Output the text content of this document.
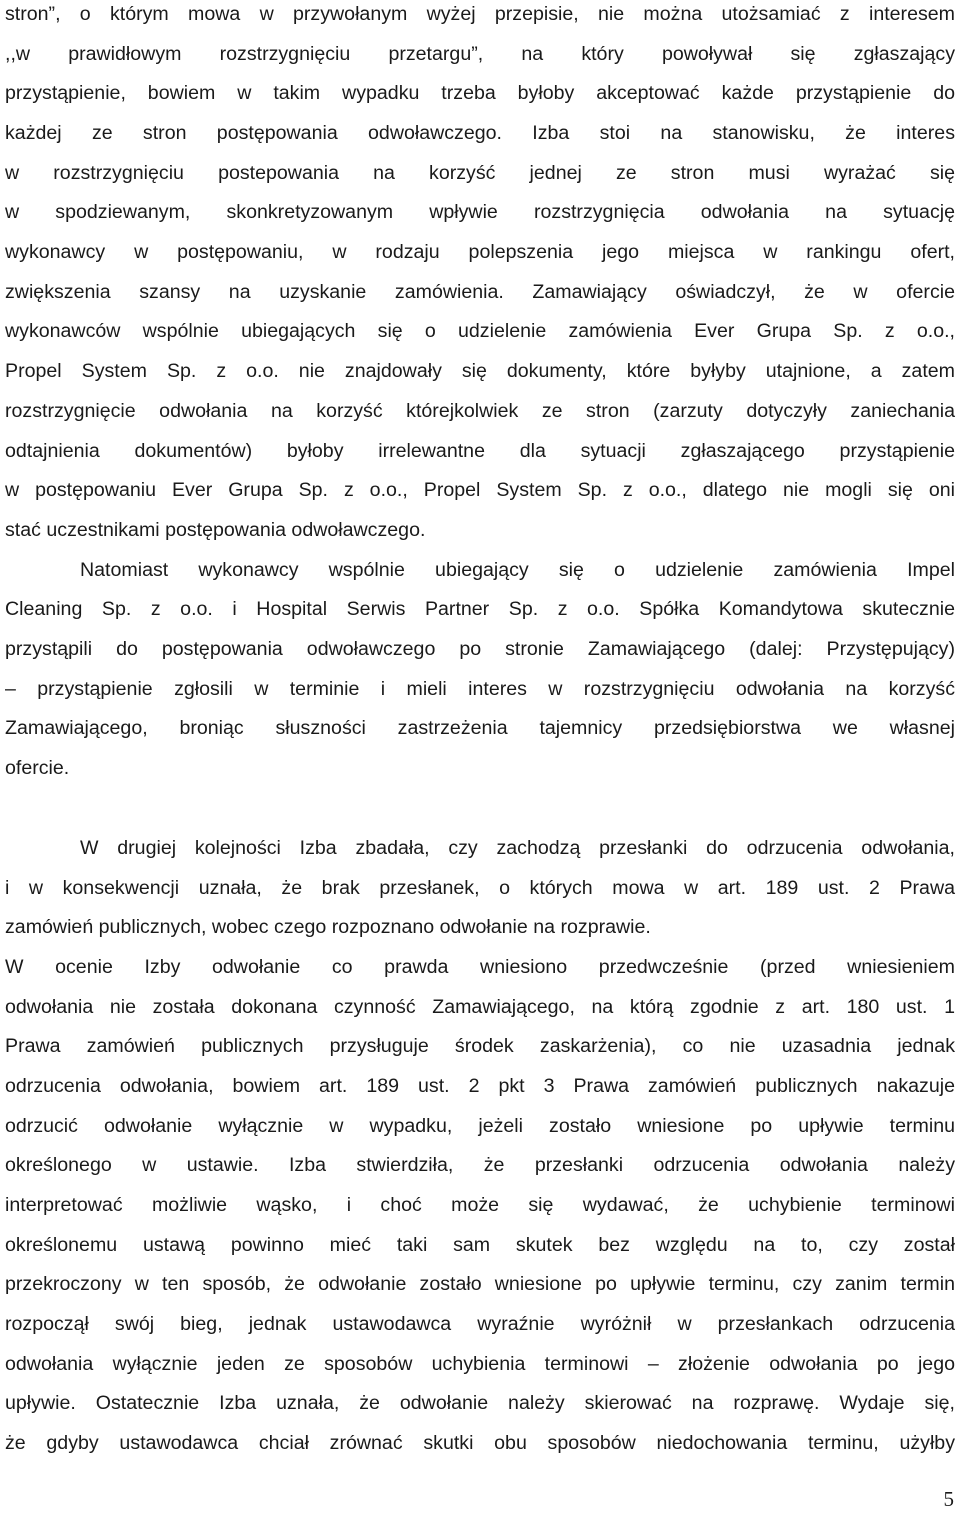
stron”, o którym mowa w przywołanym wyżej przepisie, nie można utożsamiać z interesem
,,w prawidłowym rozstrzygnięciu przetargu”, na który powoływał się zgłaszający
przystąpienie, bowiem w takim wypadku trzeba byłoby akceptować każde przystąpienie do
każdej ze stron postępowania odwoławczego. Izba stoi na stanowisku, że interes
w rozstrzygnięciu postepowania na korzyść jednej ze stron musi wyrażać się
w spodziewanym, skonkretyzowanym wpływie rozstrzygnięcia odwołania na sytuację
wykonawcy w postępowaniu, w rodzaju polepszenia jego miejsca w rankingu ofert,
zwiększenia szansy na uzyskanie zamówienia. Zamawiający oświadczył, że w ofercie
wykonawców wspólnie ubiegających się o udzielenie zamówienia Ever Grupa Sp. z o.o.,
Propel System Sp. z o.o. nie znajdowały się dokumenty, które byłyby utajnione, a zatem
rozstrzygnięcie odwołania na korzyść którejkolwiek ze stron (zarzuty dotyczyły zaniechania
odtajnienia dokumentów) byłoby irrelewantne dla sytuacji zgłaszającego przystąpienie
w postępowaniu Ever Grupa Sp. z o.o., Propel System Sp. z o.o., dlatego nie mogli się oni
stać uczestnikami postępowania odwoławczego.
Natomiast wykonawcy wspólnie ubiegający się o udzielenie zamówienia Impel
Cleaning Sp. z o.o. i Hospital Serwis Partner Sp. z o.o. Spółka Komandytowa skutecznie
przystąpili do postępowania odwoławczego po stronie Zamawiającego (dalej: Przystępujący)
– przystąpienie zgłosili w terminie i mieli interes w rozstrzygnięciu odwołania na korzyść
Zamawiającego, broniąc słuszności zastrzeżenia tajemnicy przedsiębiorstwa we własnej
ofercie.
W drugiej kolejności Izba zbadała, czy zachodzą przesłanki do odrzucenia odwołania,
i w konsekwencji uznała, że brak przesłanek, o których mowa w art. 189 ust. 2 Prawa
zamówień publicznych, wobec czego rozpoznano odwołanie na rozprawie.
W ocenie Izby odwołanie co prawda wniesiono przedwcześnie (przed wniesieniem
odwołania nie została dokonana czynność Zamawiającego, na którą zgodnie z art. 180 ust. 1
Prawa zamówień publicznych przysługuje środek zaskarżenia), co nie uzasadnia jednak
odrzucenia odwołania, bowiem art. 189 ust. 2 pkt 3 Prawa zamówień publicznych nakazuje
odrzucić odwołanie wyłącznie w wypadku, jeżeli zostało wniesione po upływie terminu
określonego w ustawie. Izba stwierdziła, że przesłanki odrzucenia odwołania należy
interpretować możliwie wąsko, i choć może się wydawać, że uchybienie terminowi
określonemu ustawą powinno mieć taki sam skutek bez względu na to, czy został
przekroczony w ten sposób, że odwołanie zostało wniesione po upływie terminu, czy zanim termin
rozpoczął swój bieg, jednak ustawodawca wyraźnie wyróżnił w przesłankach odrzucenia
odwołania wyłącznie jeden ze sposobów uchybienia terminowi – złożenie odwołania po jego
upływie. Ostatecznie Izba uznała, że odwołanie należy skierować na rozprawę. Wydaje się,
że gdyby ustawodawca chciał zrównać skutki obu sposobów niedochowania terminu, użyłby
5
